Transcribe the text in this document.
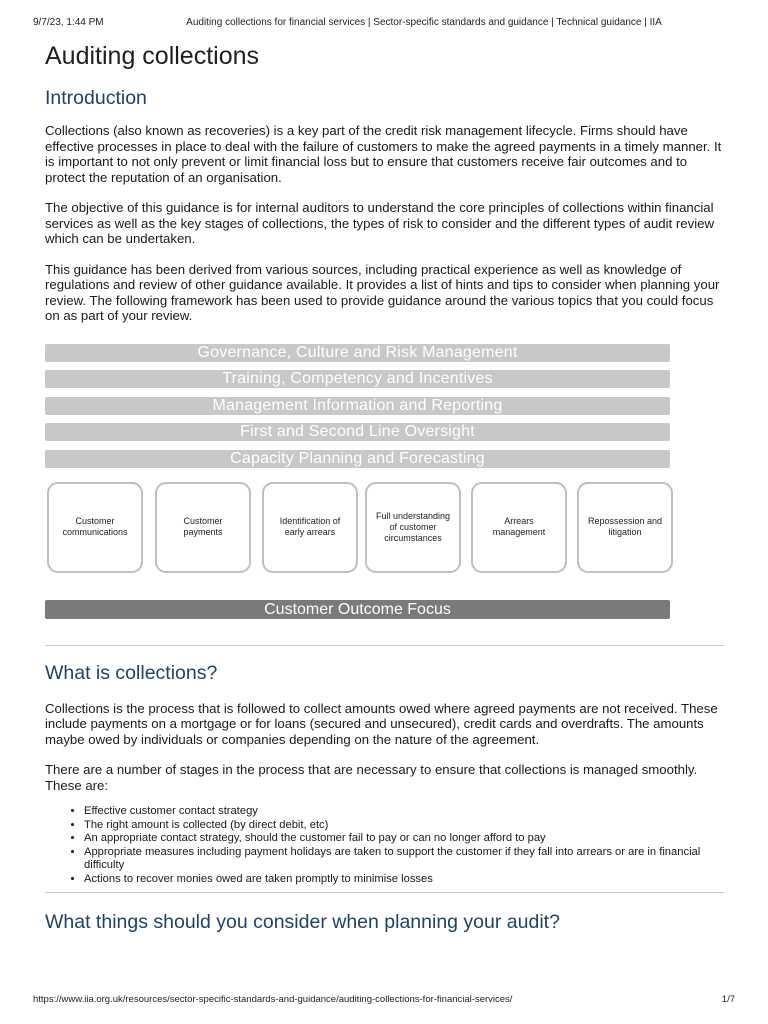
9/7/23, 1:44 PM	Auditing collections for financial services | Sector-specific standards and guidance | Technical guidance | IIA
Auditing collections
Introduction

Collections (also known as recoveries) is a key part of the credit risk management lifecycle. Firms should have effective processes in place to deal with the failure of customers to make the agreed payments in a timely manner. It is important to not only prevent or limit financial loss but to ensure that customers receive fair outcomes and to protect the reputation of an organisation.

The objective of this guidance is for internal auditors to understand the core principles of collections within financial services as well as the key stages of collections, the types of risk to consider and the different types of audit review which can be undertaken.

This guidance has been derived from various sources, including practical experience as well as knowledge of regulations and review of other guidance available. It provides a list of hints and tips to consider when planning your review. The following framework has been used to provide guidance around the various topics that you could focus on as part of your review.

Governance, Culture and Risk Management
Training, Competency and Incentives
Management Information and Reporting
First and Second Line Oversight
Capacity Planning and Forecasting
Customer communications
Customer payments
Identification of early arrears
Full understanding of customer circumstances
Arrears management
Repossession and litigation
Customer Outcome Focus
What is collections?

Collections is the process that is followed to collect amounts owed where agreed payments are not received. These include payments on a mortgage or for loans (secured and unsecured), credit cards and overdrafts. The amounts maybe owed by individuals or companies depending on the nature of the agreement.

There are a number of stages in the process that are necessary to ensure that collections is managed smoothly. These are:

• Effective customer contact strategy
• The right amount is collected (by direct debit, etc)
• An appropriate contact strategy, should the customer fail to pay or can no longer afford to pay
• Appropriate measures including payment holidays are taken to support the customer if they fall into arrears or are in financial difficulty
• Actions to recover monies owed are taken promptly to minimise losses
What things should you consider when planning your audit?
https://www.iia.org.uk/resources/sector-specific-standards-and-guidance/auditing-collections-for-financial-services/	1/7
